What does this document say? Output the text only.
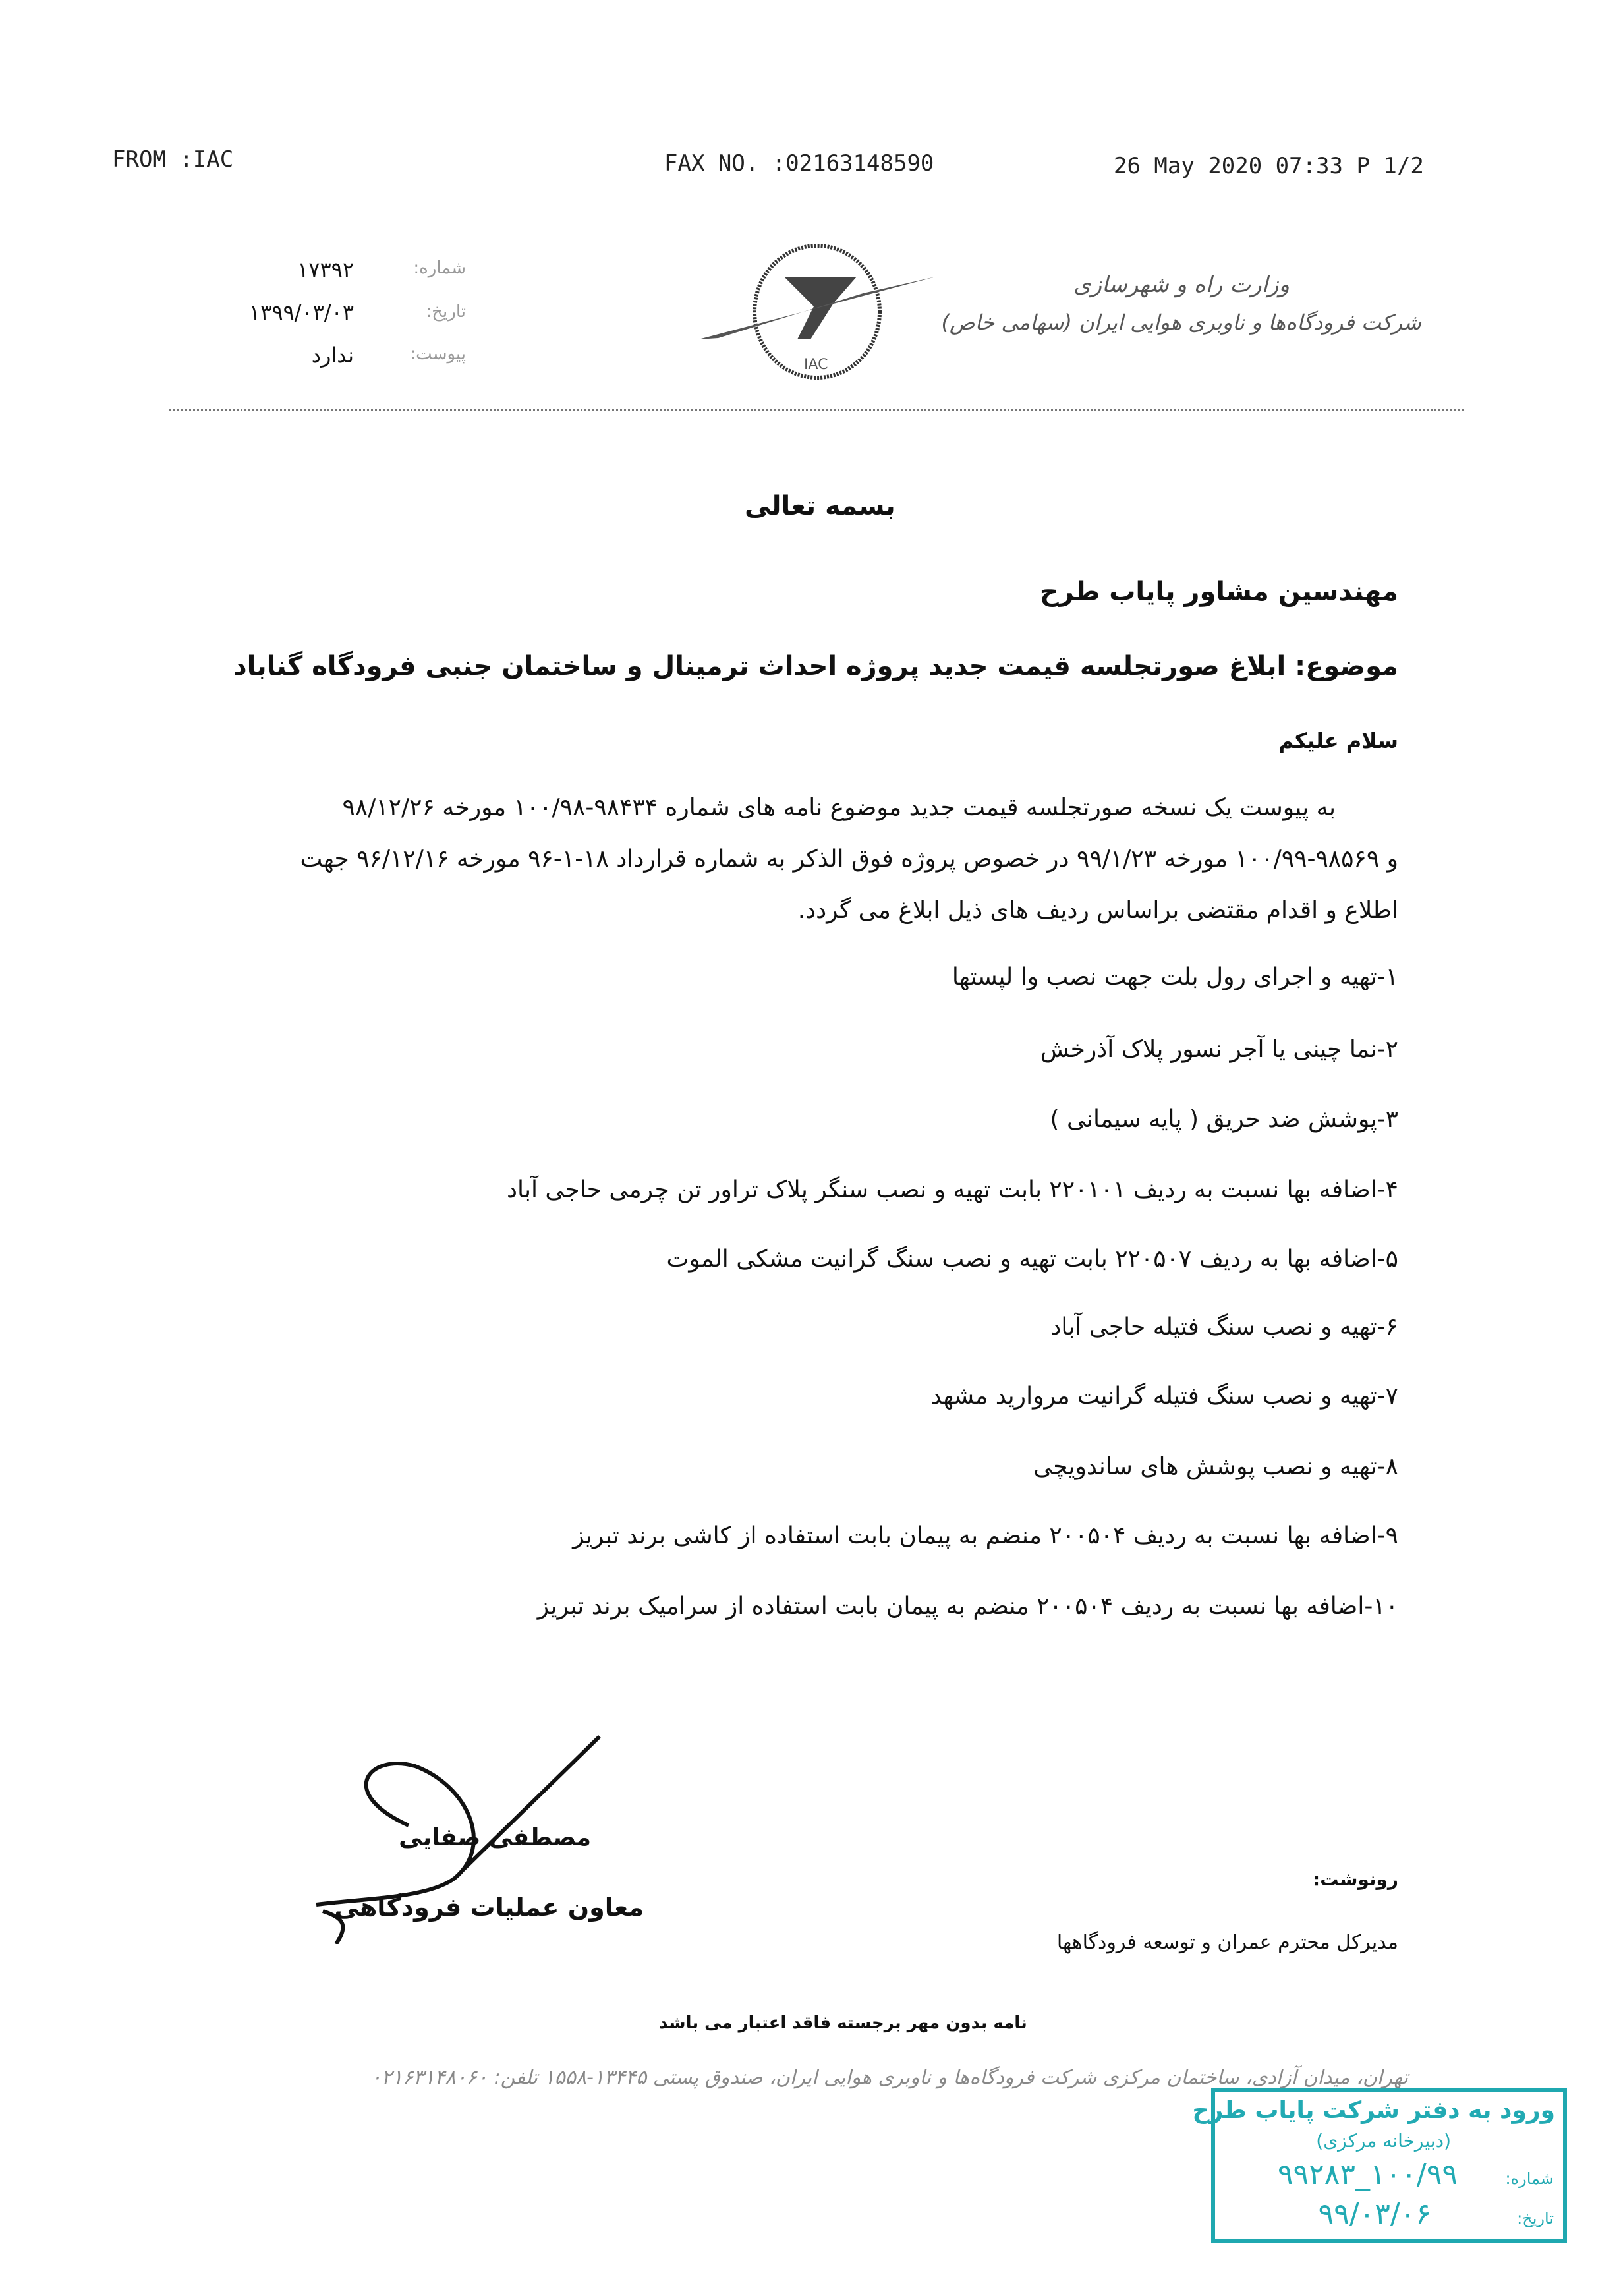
FROM :IAC	FAX NO. :02163148590	26 May 2020 07:33 P 1/2
۱۷۳۹۲	شماره:
۱۳۹۹/۰۳/۰۳	تاریخ:
ندارد	پیوست:
IAC
وزارت راه و شهرسازی
شرکت فرودگاه‌ها و ناوبری هوایی ایران (سهامی خاص)
بسمه تعالی
مهندسین مشاور پایاب طرح
موضوع: ابلاغ صورتجلسه قیمت جدید پروژه احداث ترمینال و ساختمان جنبی فرودگاه گناباد
سلام علیکم
به پیوست یک نسخه صورتجلسه قیمت جدید موضوع نامه های شماره ۹۸۴۳۴-۱۰۰/۹۸ مورخه ۹۸/۱۲/۲۶
و ۹۸۵۶۹-۱۰۰/۹۹ مورخه ۹۹/۱/۲۳ در خصوص پروژه فوق الذکر به شماره قرارداد ۱۸-۱-۹۶ مورخه ۹۶/۱۲/۱۶ جهت
اطلاع و اقدام مقتضی براساس ردیف های ذیل ابلاغ می گردد.
۱-تهیه و اجرای رول بلت جهت نصب وا لپستها
۲-نما چینی یا آجر نسور پلاک آذرخش
۳-پوشش ضد حریق ( پایه سیمانی )
۴-اضافه بها نسبت به ردیف ۲۲۰۱۰۱ بابت تهیه و نصب سنگر پلاک تراور تن چرمی حاجی آباد
۵-اضافه بها به ردیف ۲۲۰۵۰۷ بابت تهیه و نصب سنگ گرانیت مشکی الموت
۶-تهیه و نصب سنگ فتیله حاجی آباد
۷-تهیه و نصب سنگ فتیله گرانیت مروارید مشهد
۸-تهیه و نصب پوشش های ساندویچی
۹-اضافه بها نسبت به ردیف ۲۰۰۵۰۴ منضم به پیمان بابت استفاده از کاشی برند تبریز
۱۰-اضافه بها نسبت به ردیف ۲۰۰۵۰۴ منضم به پیمان بابت استفاده از سرامیک برند تبریز
مصطفی صفایی
معاون عملیات فرودگاهی
رونوشت:
مدیرکل محترم عمران و توسعه فرودگاهها
نامه بدون مهر برجسته فاقد اعتبار می باشد
تهران، میدان آزادی، ساختمان مرکزی شرکت فرودگاه‌ها و ناوبری هوایی ایران، صندوق پستی ۱۳۴۴۵-۱۵۵۸ تلفن: ۰۲۱۶۳۱۴۸۰۶۰
ورود به دفتر شرکت پایاب طرح
(دبیرخانه مرکزی)
شماره:
۱۰۰/۹۹_۹۹۲۸۳
تاریخ:
۹۹/۰۳/۰۶
